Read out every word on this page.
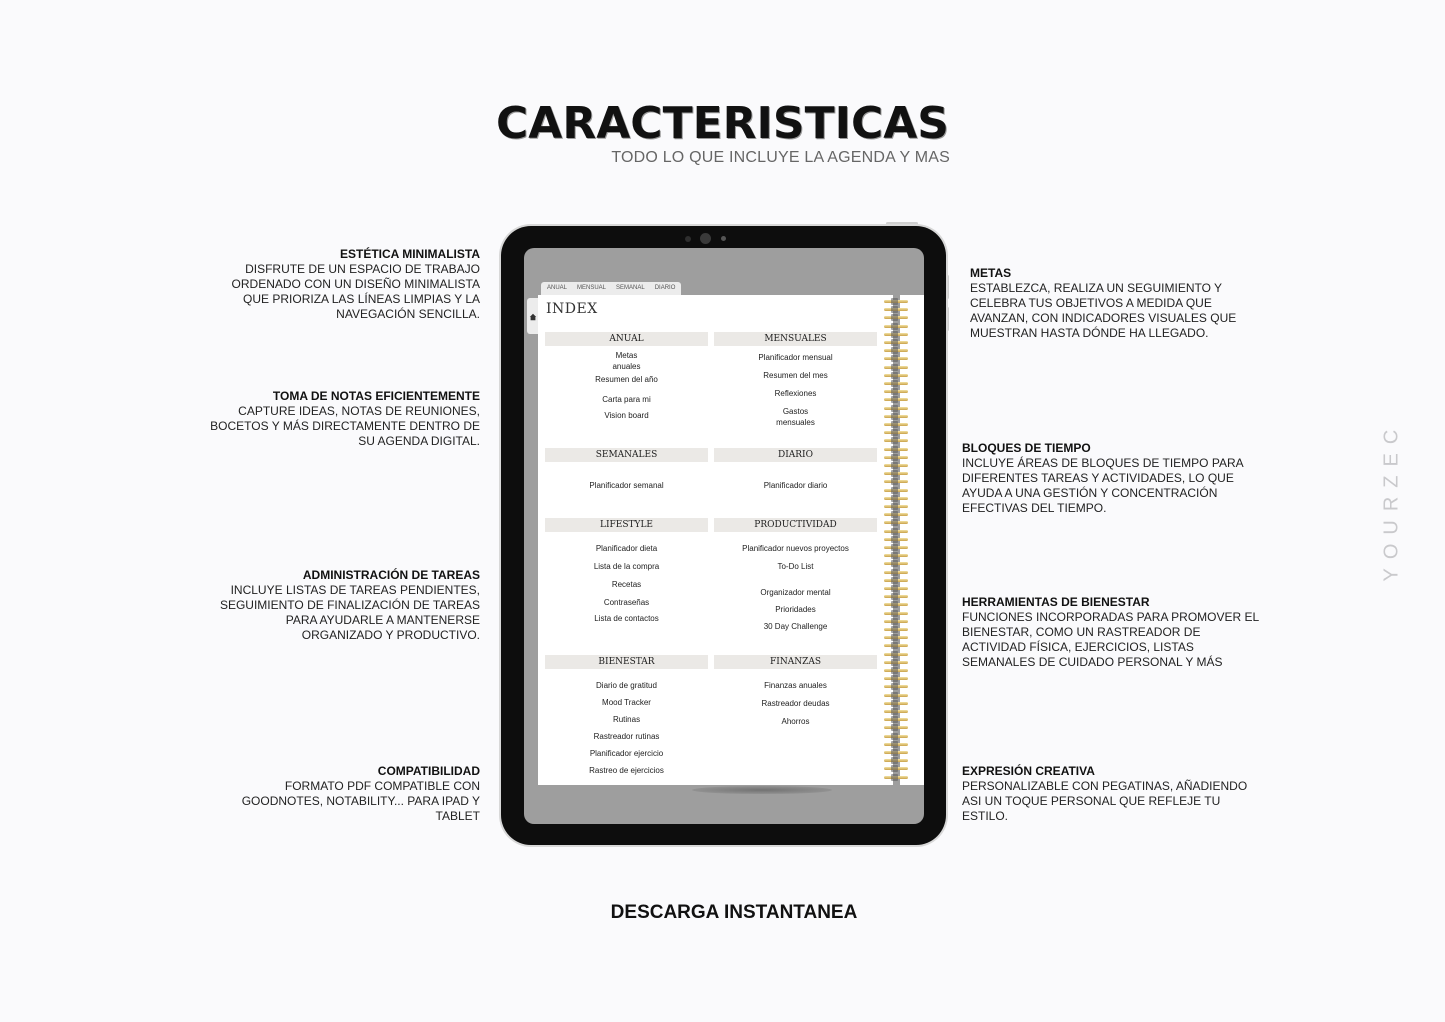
CARACTERISTICAS
TODO LO QUE INCLUYE LA AGENDA Y MAS
ESTÉTICA MINIMALISTA
DISFRUTE DE UN ESPACIO DE TRABAJO ORDENADO CON UN DISEÑO MINIMALISTA QUE PRIORIZA LAS LÍNEAS LIMPIAS Y LA NAVEGACIÓN SENCILLA.
TOMA DE NOTAS EFICIENTEMENTE
CAPTURE IDEAS, NOTAS DE REUNIONES, BOCETOS Y MÁS DIRECTAMENTE DENTRO DE SU AGENDA DIGITAL.
ADMINISTRACIÓN DE TAREAS
INCLUYE LISTAS DE TAREAS PENDIENTES, SEGUIMIENTO DE FINALIZACIÓN DE TAREAS PARA AYUDARLE A MANTENERSE ORGANIZADO Y PRODUCTIVO.
COMPATIBILIDAD
FORMATO PDF COMPATIBLE CON GOODNOTES, NOTABILITY... PARA IPAD Y TABLET
METAS
ESTABLEZCA, REALIZA UN SEGUIMIENTO Y CELEBRA TUS OBJETIVOS A MEDIDA QUE AVANZAN, CON INDICADORES VISUALES QUE MUESTRAN HASTA DÓNDE HA LLEGADO.
BLOQUES DE TIEMPO
INCLUYE ÁREAS DE BLOQUES DE TIEMPO PARA DIFERENTES TAREAS Y ACTIVIDADES, LO QUE AYUDA A UNA GESTIÓN Y CONCENTRACIÓN EFECTIVAS DEL TIEMPO.
HERRAMIENTAS DE BIENESTAR
FUNCIONES INCORPORADAS PARA PROMOVER EL BIENESTAR, COMO UN RASTREADOR DE ACTIVIDAD FÍSICA, EJERCICIOS, LISTAS SEMANALES DE CUIDADO PERSONAL Y MÁS
EXPRESIÓN CREATIVA
PERSONALIZABLE CON PEGATINAS, AÑADIENDO ASI UN TOQUE PERSONAL QUE REFLEJE TU ESTILO.
YOURZEC
ANUAL MENSUAL SEMANAL DIARIO
INDEX
ANUAL
Metas
anuales
Resumen del año
Carta para mi
Vision board
MENSUALES
Planificador mensual
Resumen del mes
Reflexiones
Gastos
mensuales
SEMANALES
Planificador semanal
DIARIO
Planificador diario
LIFESTYLE
Planificador dieta
Lista de la compra
Recetas
Contraseñas
Lista de contactos
PRODUCTIVIDAD
Planificador nuevos proyectos
To-Do List
Organizador mental
Prioridades
30 Day Challenge
BIENESTAR
Diario de gratitud
Mood Tracker
Rutinas
Rastreador rutinas
Planificador ejercicio
Rastreo de ejercicios
FINANZAS
Finanzas anuales
Rastreador deudas
Ahorros
DESCARGA INSTANTANEA
